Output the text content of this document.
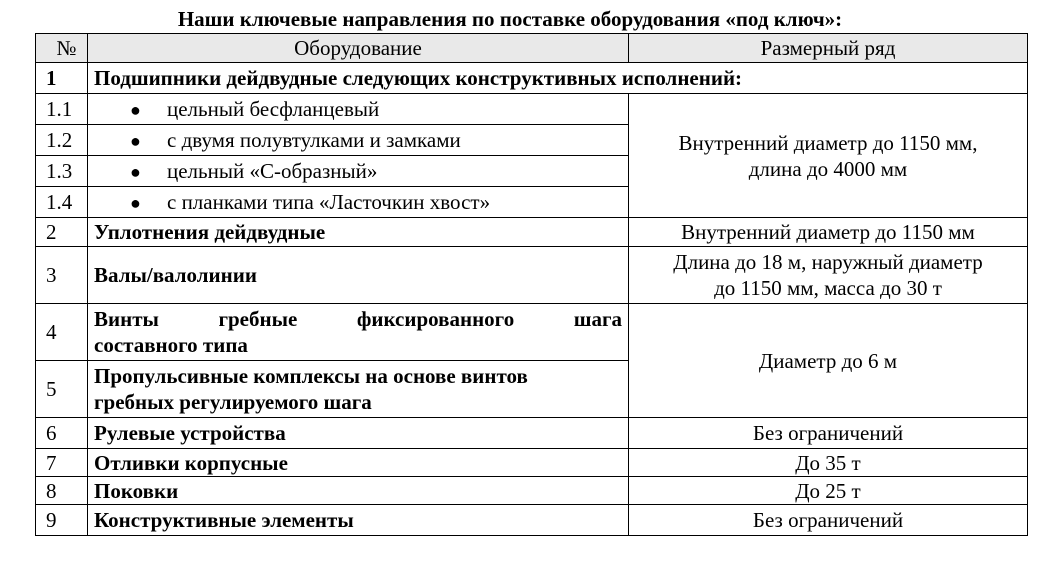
Наши ключевые направления по поставке оборудования «под ключ»:
№	Оборудование	Размерный ряд
1	Подшипники дейдвудные следующих конструктивных исполнений:	
1.1	● цельный бесфланцевый	Внутренний диаметр до 1150 мм,
длина до 4000 мм

1.2	● с двумя полувтулками и замками	
1.3	● цельный «С-образный»	
1.4	● с планками типа «Ласточкин хвост»	
2	Уплотнения дейдвудные	Внутренний диаметр до 1150 мм
3	Валы/валолинии	Длина до 18 м, наружный диаметр
до 1150 мм, масса до 30 т

4	Винты гребные фиксированного шага
составного типа	Диаметр до 6 м
5	Пропульсивные комплексы на основе винтов
гребных регулируемого шага	

6	Рулевые устройства	Без ограничений
7	Отливки корпусные	До 35 т
8	Поковки	До 25 т
9	Конструктивные элементы	Без ограничений
